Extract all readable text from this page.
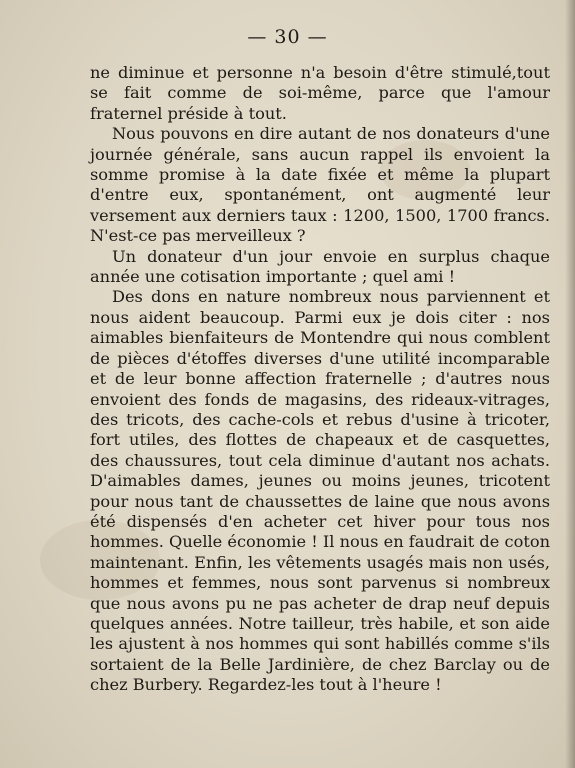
— 30 —

ne diminue et personne n'a besoin d'être stimulé,tout se fait comme de soi-même, parce que l'amour fraternel préside à tout.

Nous pouvons en dire autant de nos donateurs d'une journée générale, sans aucun rappel ils envoient la somme promise à la date fixée et même la plupart d'entre eux, spontanément, ont augmenté leur versement aux derniers taux : 1200, 1500, 1700 francs. N'est-ce pas merveilleux ?

Un donateur d'un jour envoie en surplus chaque année une cotisation importante ; quel ami !

Des dons en nature nombreux nous parviennent et nous aident beaucoup. Parmi eux je dois citer : nos aimables bienfaiteurs de Montendre qui nous comblent de pièces d'étoffes diverses d'une utilité incomparable et de leur bonne affection fraternelle ; d'autres nous envoient des fonds de magasins, des rideaux-vitrages, des tricots, des cache-cols et rebus d'usine à tricoter, fort utiles, des flottes de chapeaux et de casquettes, des chaussures, tout cela diminue d'autant nos achats. D'aimables dames, jeunes ou moins jeunes, tricotent pour nous tant de chaussettes de laine que nous avons été dispensés d'en acheter cet hiver pour tous nos hommes. Quelle économie ! Il nous en faudrait de coton maintenant. Enfin, les vêtements usagés mais non usés, hommes et femmes, nous sont parvenus si nombreux que nous avons pu ne pas acheter de drap neuf depuis quelques années. Notre tailleur, très habile, et son aide les ajustent à nos hommes qui sont habillés comme s'ils sortaient de la Belle Jardinière, de chez Barclay ou de chez Burbery. Regardez-les tout à l'heure !
